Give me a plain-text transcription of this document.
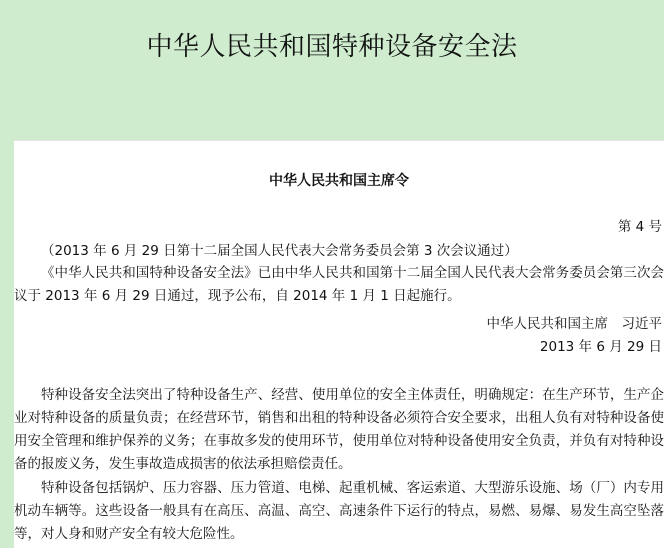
中华人民共和国特种设备安全法
中华人民共和国主席令
第 4 号
（2013 年 6 月 29 日第十二届全国人民代表大会常务委员会第 3 次会议通过）

《中华人民共和国特种设备安全法》已由中华人民共和国第十二届全国人民代表大会常务委员会第三次会议于 2013 年 6 月 29 日通过，现予公布，自 2014 年 1 月 1 日起施行。

中华人民共和国主席　习近平
2013 年 6 月 29 日

特种设备安全法突出了特种设备生产、经营、使用单位的安全主体责任，明确规定：在生产环节，生产企业对特种设备的质量负责；在经营环节，销售和出租的特种设备必须符合安全要求，出租人负有对特种设备使用安全管理和维护保养的义务；在事故多发的使用环节，使用单位对特种设备使用安全负责，并负有对特种设备的报废义务，发生事故造成损害的依法承担赔偿责任。

特种设备包括锅炉、压力容器、压力管道、电梯、起重机械、客运索道、大型游乐设施、场（厂）内专用机动车辆等。这些设备一般具有在高压、高温、高空、高速条件下运行的特点，易燃、易爆、易发生高空坠落等，对人身和财产安全有较大危险性。
